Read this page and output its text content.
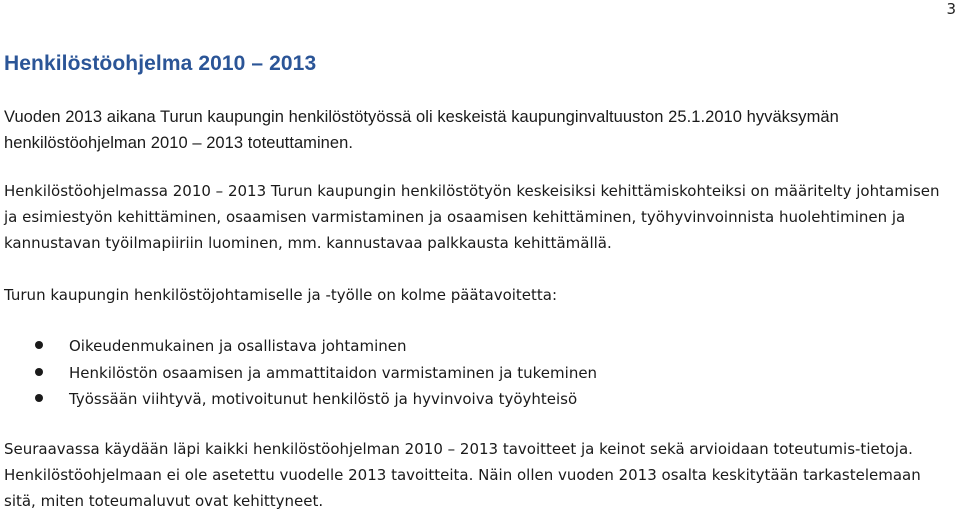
3
Henkilöstöohjelma 2010 – 2013

Vuoden 2013 aikana Turun kaupungin henkilöstötyössä oli keskeistä kaupunginvaltuuston 25.1.2010 hyväksymän henkilöstöohjelman 2010 – 2013 toteuttaminen.

Henkilöstöohjelmassa 2010 – 2013 Turun kaupungin henkilöstötyön keskeisiksi kehittämiskohteiksi on määritelty johtamisen ja esimiestyön kehittäminen, osaamisen varmistaminen ja osaamisen kehittäminen, työhyvinvoinnista huolehtiminen ja kannustavan työilmapiiriin luominen, mm. kannustavaa palkkausta kehittämällä.

Turun kaupungin henkilöstöjohtamiselle ja -työlle on kolme päätavoitetta:

Oikeudenmukainen ja osallistava johtaminen
Henkilöstön osaamisen ja ammattitaidon varmistaminen ja tukeminen
Työssään viihtyvä, motivoitunut henkilöstö ja hyvinvoiva työyhteisö

Seuraavassa käydään läpi kaikki henkilöstöohjelman 2010 – 2013 tavoitteet ja keinot sekä arvioidaan toteutumis-tietoja. Henkilöstöohjelmaan ei ole asetettu vuodelle 2013 tavoitteita. Näin ollen vuoden 2013 osalta keskitytään tarkastelemaan sitä, miten toteumaluvut ovat kehittyneet.
